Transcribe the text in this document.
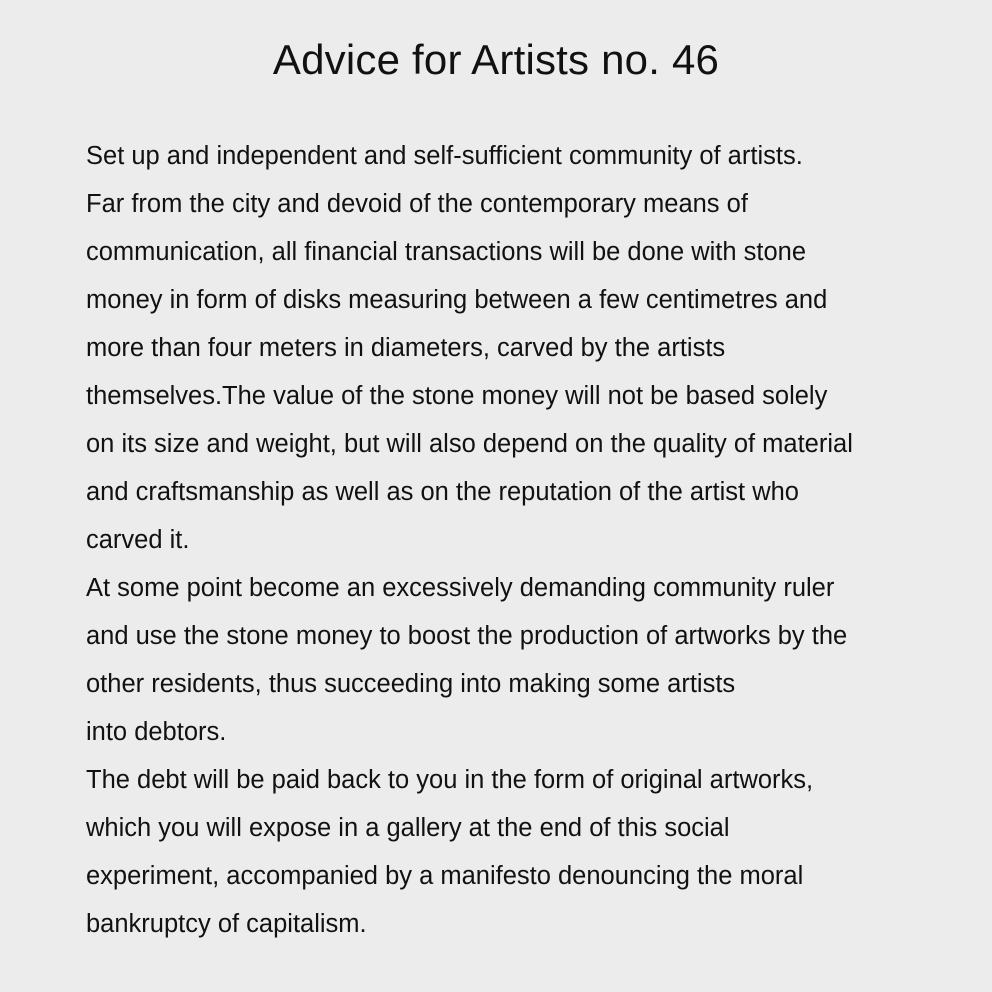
Advice for Artists no. 46
Set up and independent and self-sufficient community of artists.
Far from the city and devoid of the contemporary means of
communication, all financial transactions will be done with stone
money in form of disks measuring between a few centimetres and
more than four meters in diameters, carved by the artists
themselves.The value of the stone money will not be based solely
on its size and weight, but will also depend on the quality of material
and craftsmanship as well as on the reputation of the artist who
carved it.
At some point become an excessively demanding community ruler
and use the stone money to boost the production of artworks by the
other residents, thus succeeding into making some artists
into debtors.
The debt will be paid back to you in the form of original artworks,
which you will expose in a gallery at the end of this social
experiment, accompanied by a manifesto denouncing the moral
bankruptcy of capitalism.
